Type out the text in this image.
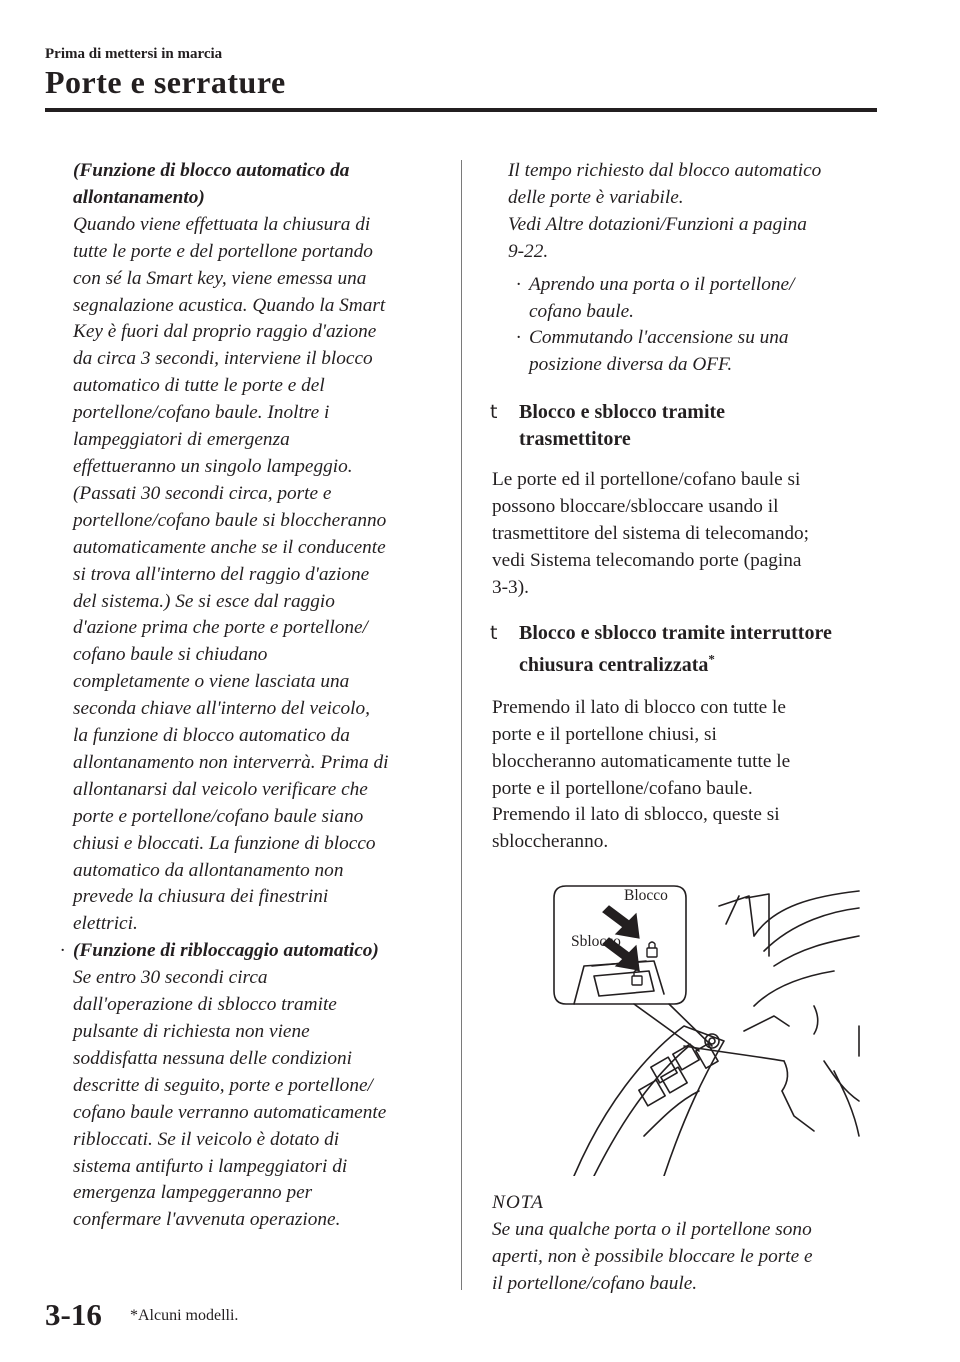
Prima di mettersi in marcia
Porte e serrature
(Funzione di blocco automatico da
allontanamento)
Quando viene effettuata la chiusura di
tutte le porte e del portellone portando
con sé la Smart key, viene emessa una
segnalazione acustica. Quando la Smart
Key è fuori dal proprio raggio d'azione
da circa 3 secondi, interviene il blocco
automatico di tutte le porte e del
portellone/cofano baule. Inoltre i
lampeggiatori di emergenza
effettueranno un singolo lampeggio.
(Passati 30 secondi circa, porte e
portellone/cofano baule si bloccheranno
automaticamente anche se il conducente
si trova all'interno del raggio d'azione
del sistema.) Se si esce dal raggio
d'azione prima che porte e portellone/
cofano baule si chiudano
completamente o viene lasciata una
seconda chiave all'interno del veicolo,
la funzione di blocco automatico da
allontanamento non interverrà. Prima di
allontanarsi dal veicolo verificare che
porte e portellone/cofano baule siano
chiusi e bloccati. La funzione di blocco
automatico da allontanamento non
prevede la chiusura dei finestrini
elettrici.
· (Funzione di ribloccaggio automatico)
Se entro 30 secondi circa
dall'operazione di sblocco tramite
pulsante di richiesta non viene
soddisfatta nessuna delle condizioni
descritte di seguito, porte e portellone/
cofano baule verranno automaticamente
ribloccati. Se il veicolo è dotato di
sistema antifurto i lampeggiatori di
emergenza lampeggeranno per
confermare l'avvenuta operazione.
Il tempo richiesto dal blocco automatico
delle porte è variabile.
Vedi Altre dotazioni/Funzioni a pagina
9-22.
· Aprendo una porta o il portellone/
cofano baule.
· Commutando l'accensione su una
posizione diversa da OFF.
t Blocco e sblocco tramite
trasmettitore
Le porte ed il portellone/cofano baule si
possono bloccare/sbloccare usando il
trasmettitore del sistema di telecomando;
vedi Sistema telecomando porte (pagina
3-3).
t Blocco e sblocco tramite interruttore
chiusura centralizzata*
Premendo il lato di blocco con tutte le
porte e il portellone chiusi, si
bloccheranno automaticamente tutte le
porte e il portellone/cofano baule.
Premendo il lato di sblocco, queste si
sbloccheranno.
Blocco
Sblocco
NOTA
Se una qualche porta o il portellone sono
aperti, non è possibile bloccare le porte e
il portellone/cofano baule.
3-16 *Alcuni modelli.
